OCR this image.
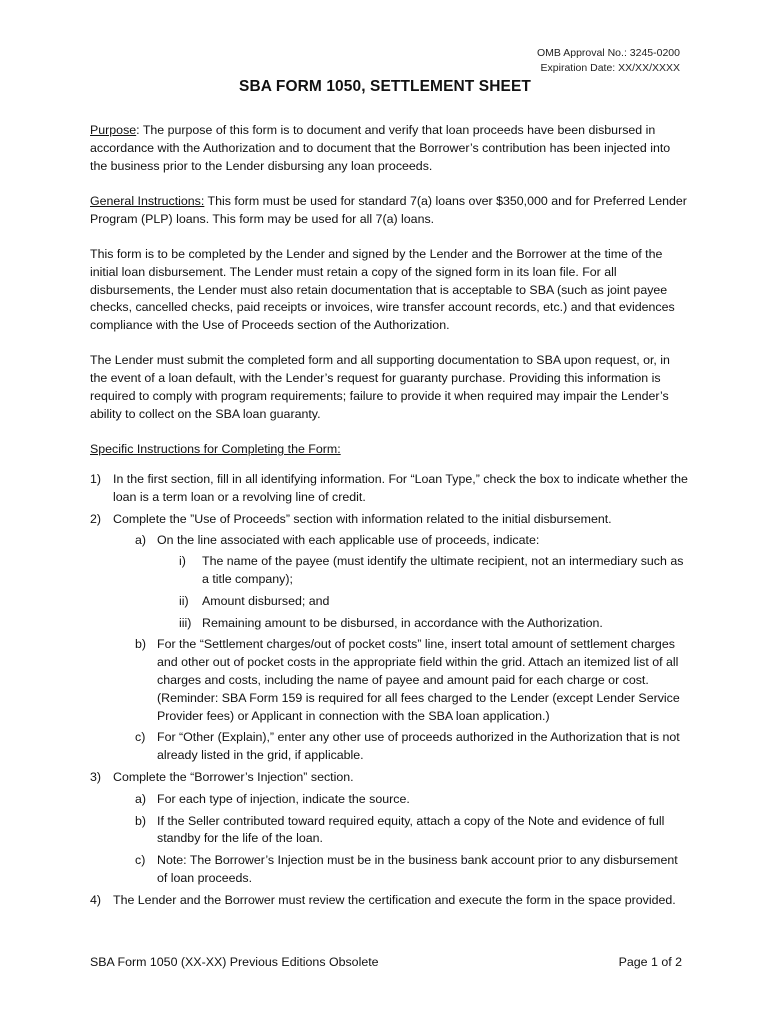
OMB Approval No.: 3245-0200
Expiration Date: XX/XX/XXXX
SBA FORM 1050, SETTLEMENT SHEET

Purpose: The purpose of this form is to document and verify that loan proceeds have been disbursed in accordance with the Authorization and to document that the Borrower’s contribution has been injected into the business prior to the Lender disbursing any loan proceeds.

General Instructions: This form must be used for standard 7(a) loans over $350,000 and for Preferred Lender Program (PLP) loans. This form may be used for all 7(a) loans.

This form is to be completed by the Lender and signed by the Lender and the Borrower at the time of the initial loan disbursement. The Lender must retain a copy of the signed form in its loan file. For all disbursements, the Lender must also retain documentation that is acceptable to SBA (such as joint payee checks, cancelled checks, paid receipts or invoices, wire transfer account records, etc.) and that evidences compliance with the Use of Proceeds section of the Authorization.

The Lender must submit the completed form and all supporting documentation to SBA upon request, or, in the event of a loan default, with the Lender’s request for guaranty purchase. Providing this information is required to comply with program requirements; failure to provide it when required may impair the Lender’s ability to collect on the SBA loan guaranty.

Specific Instructions for Completing the Form:

1) In the first section, fill in all identifying information. For “Loan Type,” check the box to indicate whether the loan is a term loan or a revolving line of credit.
2) Complete the ”Use of Proceeds” section with information related to the initial disbursement.
a) On the line associated with each applicable use of proceeds, indicate:
i) The name of the payee (must identify the ultimate recipient, not an intermediary such as a title company);
ii) Amount disbursed; and
iii) Remaining amount to be disbursed, in accordance with the Authorization.
b) For the “Settlement charges/out of pocket costs” line, insert total amount of settlement charges and other out of pocket costs in the appropriate field within the grid. Attach an itemized list of all charges and costs, including the name of payee and amount paid for each charge or cost. (Reminder: SBA Form 159 is required for all fees charged to the Lender (except Lender Service Provider fees) or Applicant in connection with the SBA loan application.)
c) For “Other (Explain),” enter any other use of proceeds authorized in the Authorization that is not already listed in the grid, if applicable.
3) Complete the “Borrower’s Injection” section.
a) For each type of injection, indicate the source.
b) If the Seller contributed toward required equity, attach a copy of the Note and evidence of full standby for the life of the loan.
c) Note: The Borrower’s Injection must be in the business bank account prior to any disbursement of loan proceeds.
4) The Lender and the Borrower must review the certification and execute the form in the space provided.
SBA Form 1050 (XX-XX) Previous Editions Obsolete	Page 1 of 2
